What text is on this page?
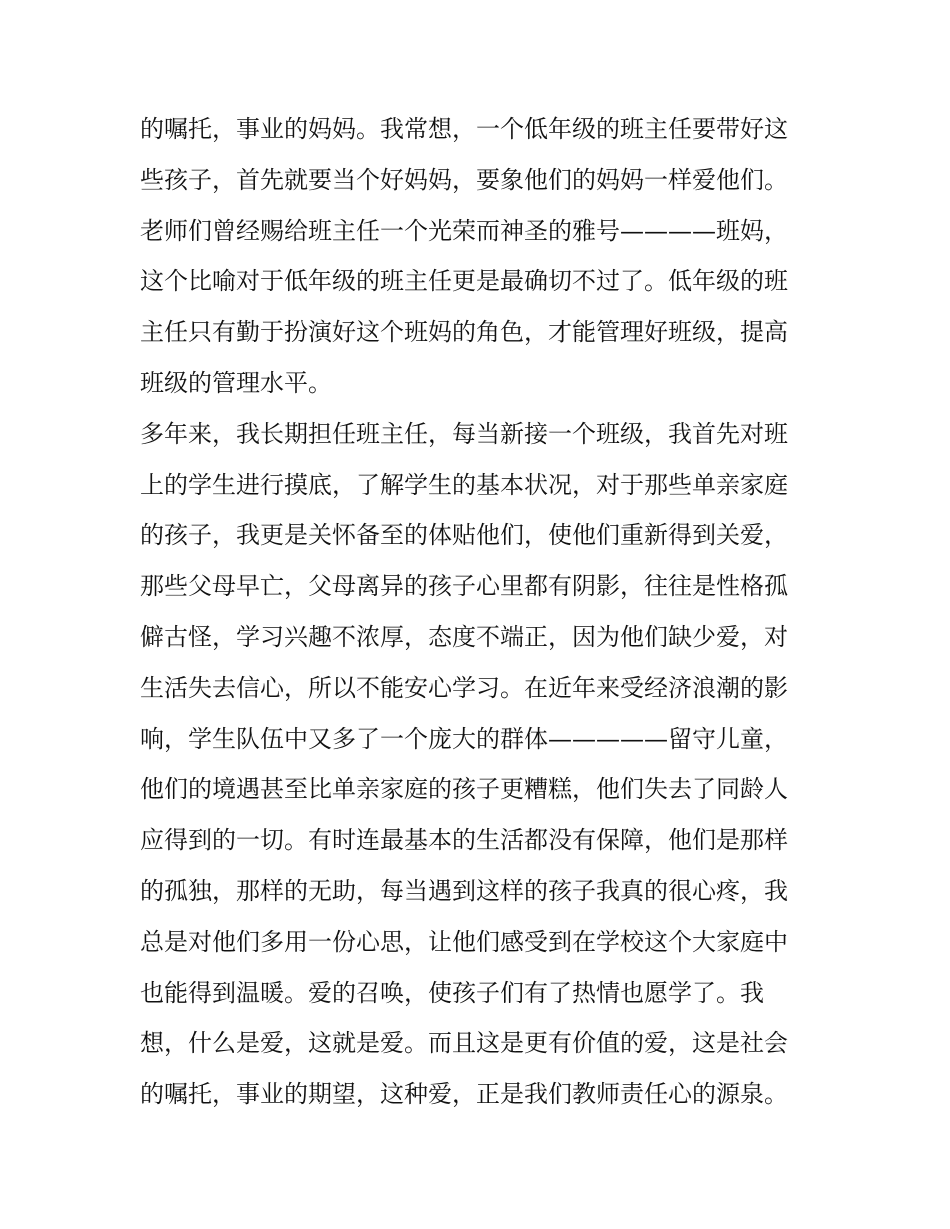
的嘱托，事业的妈妈。我常想，一个低年级的班主任要带好这
些孩子，首先就要当个好妈妈，要象他们的妈妈一样爱他们。
老师们曾经赐给班主任一个光荣而神圣的雅号————班妈，
这个比喻对于低年级的班主任更是最确切不过了。低年级的班
主任只有勤于扮演好这个班妈的角色，才能管理好班级，提高
班级的管理水平。
多年来，我长期担任班主任，每当新接一个班级，我首先对班
上的学生进行摸底，了解学生的基本状况，对于那些单亲家庭
的孩子，我更是关怀备至的体贴他们，使他们重新得到关爱，
那些父母早亡，父母离异的孩子心里都有阴影，往往是性格孤
僻古怪，学习兴趣不浓厚，态度不端正，因为他们缺少爱，对
生活失去信心，所以不能安心学习。在近年来受经济浪潮的影
响，学生队伍中又多了一个庞大的群体—————留守儿童，
他们的境遇甚至比单亲家庭的孩子更糟糕，他们失去了同龄人
应得到的一切。有时连最基本的生活都没有保障，他们是那样
的孤独，那样的无助，每当遇到这样的孩子我真的很心疼，我
总是对他们多用一份心思，让他们感受到在学校这个大家庭中
也能得到温暖。爱的召唤，使孩子们有了热情也愿学了。我
想，什么是爱，这就是爱。而且这是更有价值的爱，这是社会
的嘱托，事业的期望，这种爱，正是我们教师责任心的源泉。
